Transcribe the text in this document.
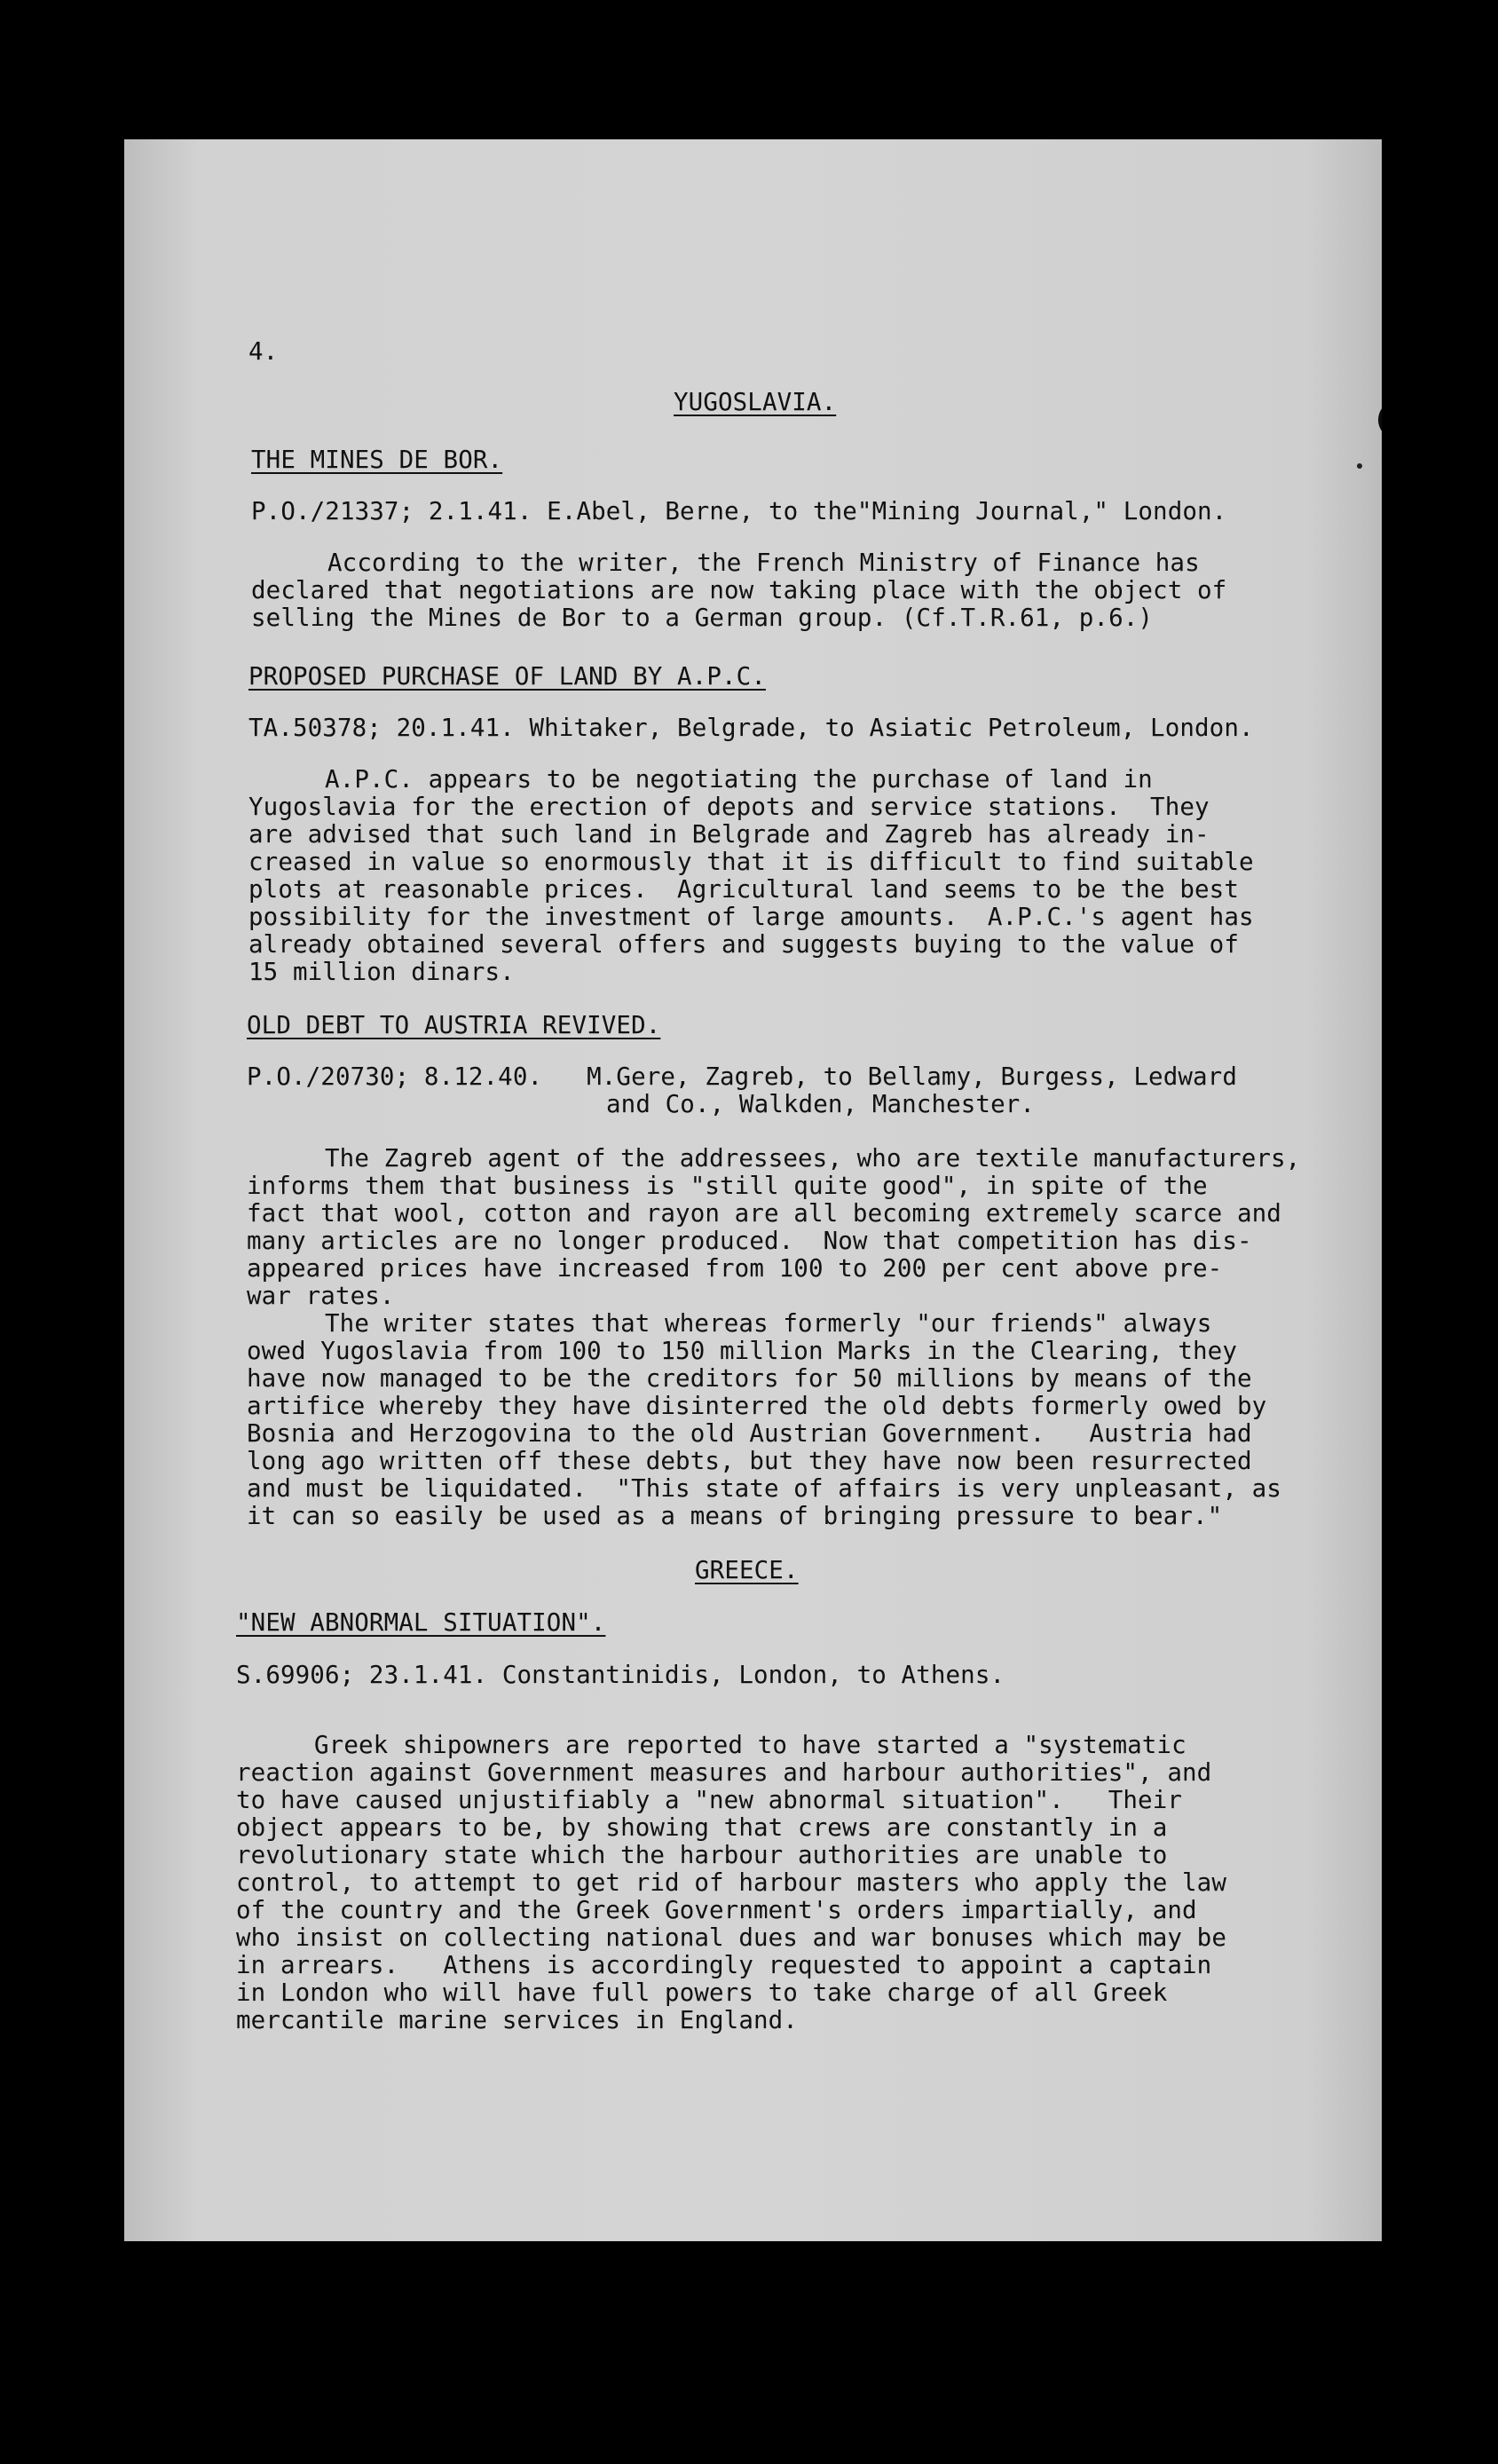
4.
YUGOSLAVIA.
THE MINES DE BOR.
P.O./21337; 2.1.41. E.Abel, Berne, to the"Mining Journal," London.
According to the writer, the French Ministry of Finance has
declared that negotiations are now taking place with the object of
selling the Mines de Bor to a German group. (Cf.T.R.61, p.6.)
PROPOSED PURCHASE OF LAND BY A.P.C.
TA.50378; 20.1.41. Whitaker, Belgrade, to Asiatic Petroleum, London.
A.P.C. appears to be negotiating the purchase of land in
Yugoslavia for the erection of depots and service stations.  They
are advised that such land in Belgrade and Zagreb has already in-
creased in value so enormously that it is difficult to find suitable
plots at reasonable prices.  Agricultural land seems to be the best
possibility for the investment of large amounts.  A.P.C.'s agent has
already obtained several offers and suggests buying to the value of
15 million dinars.
OLD DEBT TO AUSTRIA REVIVED.
P.O./20730; 8.12.40.   M.Gere, Zagreb, to Bellamy, Burgess, Ledward
and Co., Walkden, Manchester.
The Zagreb agent of the addressees, who are textile manufacturers,
informs them that business is "still quite good", in spite of the
fact that wool, cotton and rayon are all becoming extremely scarce and
many articles are no longer produced.  Now that competition has dis-
appeared prices have increased from 100 to 200 per cent above pre-
war rates.
The writer states that whereas formerly "our friends" always
owed Yugoslavia from 100 to 150 million Marks in the Clearing, they
have now managed to be the creditors for 50 millions by means of the
artifice whereby they have disinterred the old debts formerly owed by
Bosnia and Herzogovina to the old Austrian Government.   Austria had
long ago written off these debts, but they have now been resurrected
and must be liquidated.  "This state of affairs is very unpleasant, as
it can so easily be used as a means of bringing pressure to bear."
GREECE.
"NEW ABNORMAL SITUATION".
S.69906; 23.1.41. Constantinidis, London, to Athens.
Greek shipowners are reported to have started a "systematic
reaction against Government measures and harbour authorities", and
to have caused unjustifiably a "new abnormal situation".   Their
object appears to be, by showing that crews are constantly in a
revolutionary state which the harbour authorities are unable to
control, to attempt to get rid of harbour masters who apply the law
of the country and the Greek Government's orders impartially, and
who insist on collecting national dues and war bonuses which may be
in arrears.   Athens is accordingly requested to appoint a captain
in London who will have full powers to take charge of all Greek
mercantile marine services in England.
